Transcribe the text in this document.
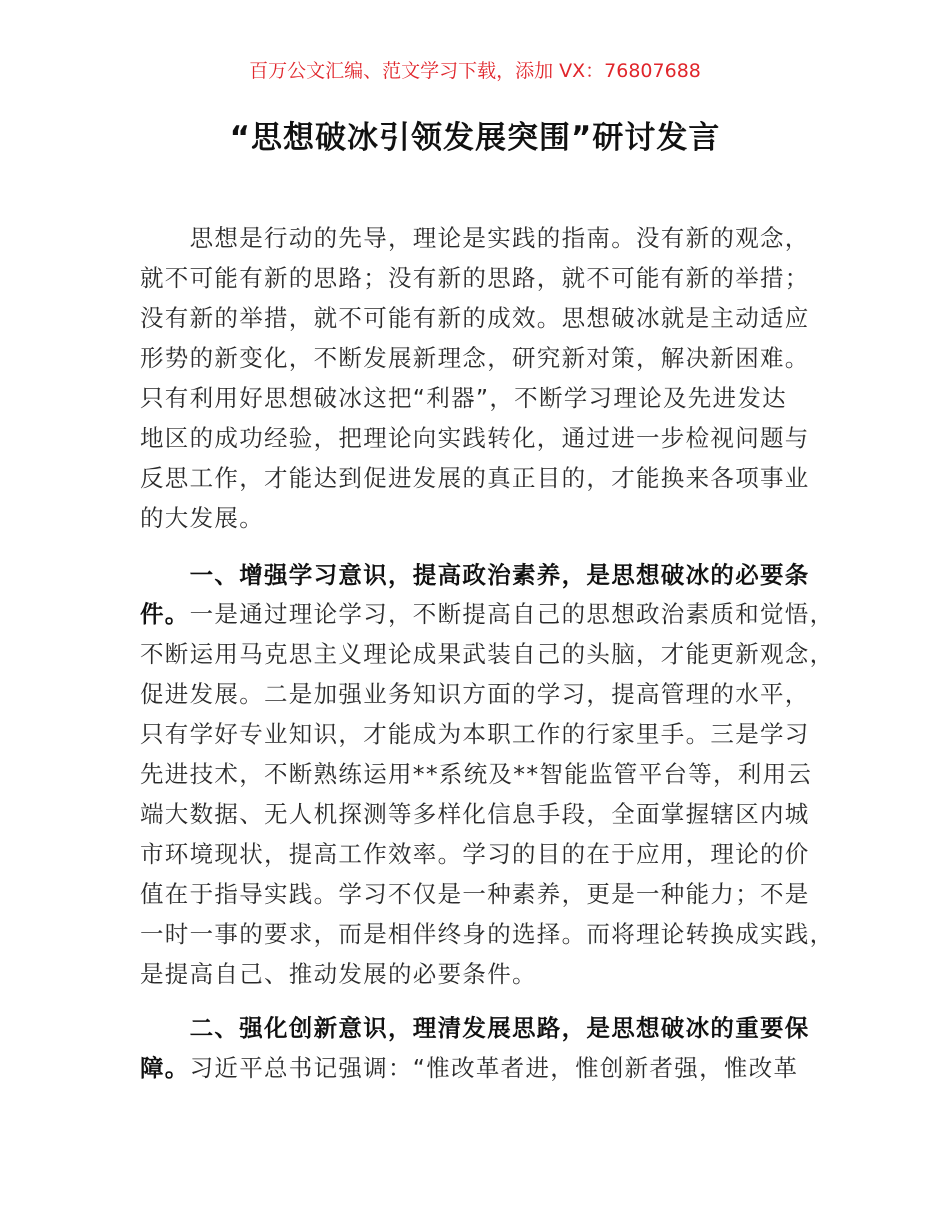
百万公文汇编、范文学习下载，添加 VX：76807688
“思想破冰引领发展突围”研讨发言
　　思想是行动的先导，理论是实践的指南。没有新的观念，
就不可能有新的思路；没有新的思路，就不可能有新的举措；
没有新的举措，就不可能有新的成效。思想破冰就是主动适应
形势的新变化，不断发展新理念，研究新对策，解决新困难。
只有利用好思想破冰这把“利器”，不断学习理论及先进发达
地区的成功经验，把理论向实践转化，通过进一步检视问题与
反思工作，才能达到促进发展的真正目的，才能换来各项事业
的大发展。
　　一、增强学习意识，提高政治素养，是思想破冰的必要条
件。一是通过理论学习，不断提高自己的思想政治素质和觉悟，
不断运用马克思主义理论成果武装自己的头脑，才能更新观念，
促进发展。二是加强业务知识方面的学习，提高管理的水平，
只有学好专业知识，才能成为本职工作的行家里手。三是学习
先进技术，不断熟练运用**系统及**智能监管平台等，利用云
端大数据、无人机探测等多样化信息手段，全面掌握辖区内城
市环境现状，提高工作效率。学习的目的在于应用，理论的价
值在于指导实践。学习不仅是一种素养，更是一种能力；不是
一时一事的要求，而是相伴终身的选择。而将理论转换成实践，
是提高自己、推动发展的必要条件。
　　二、强化创新意识，理清发展思路，是思想破冰的重要保
障。习近平总书记强调：“惟改革者进，惟创新者强，惟改革
